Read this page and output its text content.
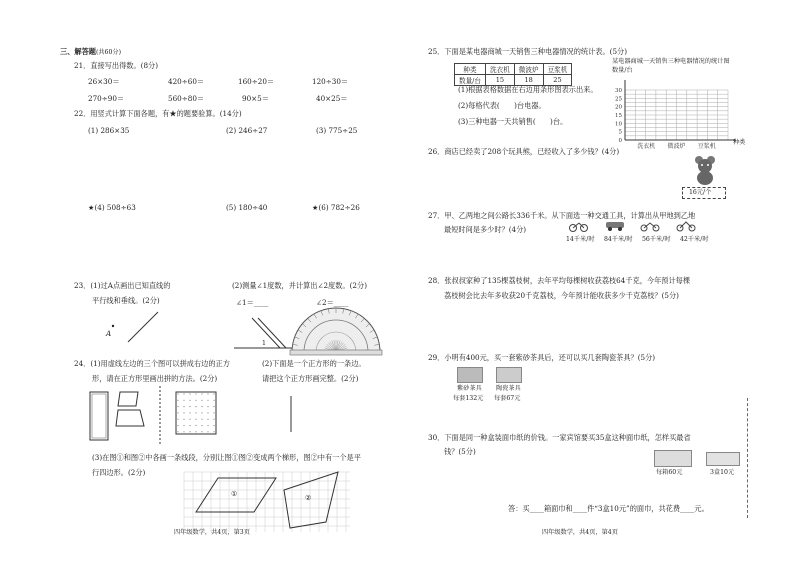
三、解答题(共60分)
21．直接写出得数。(8分)
26×30＝	420÷60＝	160÷20＝	120÷30＝
270÷90＝	560÷80＝	90×5＝	40×25＝
22．用竖式计算下面各题，有★的题要验算。(14分)
(1) 286×35	(2) 246÷27	(3) 775÷25
★(4) 508÷63	(5) 180÷40	★(6) 782÷26
23．(1)过A点画出已知直线的
平行线和垂线。(2分)
(2)测量∠1度数，并计算出∠2度数。(2分)
∠1＝____	∠2＝____
A
1
24．(1)用虚线左边的三个图可以拼成右边的正方
形，请在正方形里画出拼的方法。(2分)
(2)下面是一个正方形的一条边。
请把这个正方形画完整。(2分)
(3)在图①和图②中各画一条线段，分别让图①图②变成两个梯形，图②中有一个是平
行四边形。(2分)
①	②
四年级数学，共4页，第3页
25．下面是某电器商城一天销售三种电器情况的统计表。(5分)
种类	洗衣机	微波炉	豆浆机
数量/台	15	18	25
(1)根据表格数据在右边用条形图表示出来。
(2)每格代表(　　)台电器。
(3)三种电器一天共销售(　　)台。
某电器商城一天销售三种电器情况的统计图
数量/台
0
5
10
15
20
25
30
洗衣机 微波炉 豆浆机
种类
26．商店已经卖了208个玩具熊，已经收入了多少钱？(4分)
16元/个
27．甲、乙两地之间公路长336千米。从下面选一种交通工具，计算出从甲地到乙地
最短时间是多少时？(4分)
14千米/时 84千米/时 56千米/时 42千米/时
28．张叔叔家种了135棵荔枝树，去年平均每棵树收获荔枝64千克，今年预计每棵
荔枝树会比去年多收获20千克荔枝，今年预计能收获多少千克荔枝？(5分)
29．小明有400元，买一套紫砂茶具后，还可以买几套陶瓷茶具？(5分)
紫砂茶具 陶瓷茶具
每套132元 每套67元
30．下面是同一种盒装面巾纸的价钱。一家宾馆要买35盒这种面巾纸，怎样买最省
钱？(5分)
每箱60元	3盒10元
答：买____箱面巾和____件“3盒10元”的面巾，共花费____元。
四年级数学，共4页，第4页
